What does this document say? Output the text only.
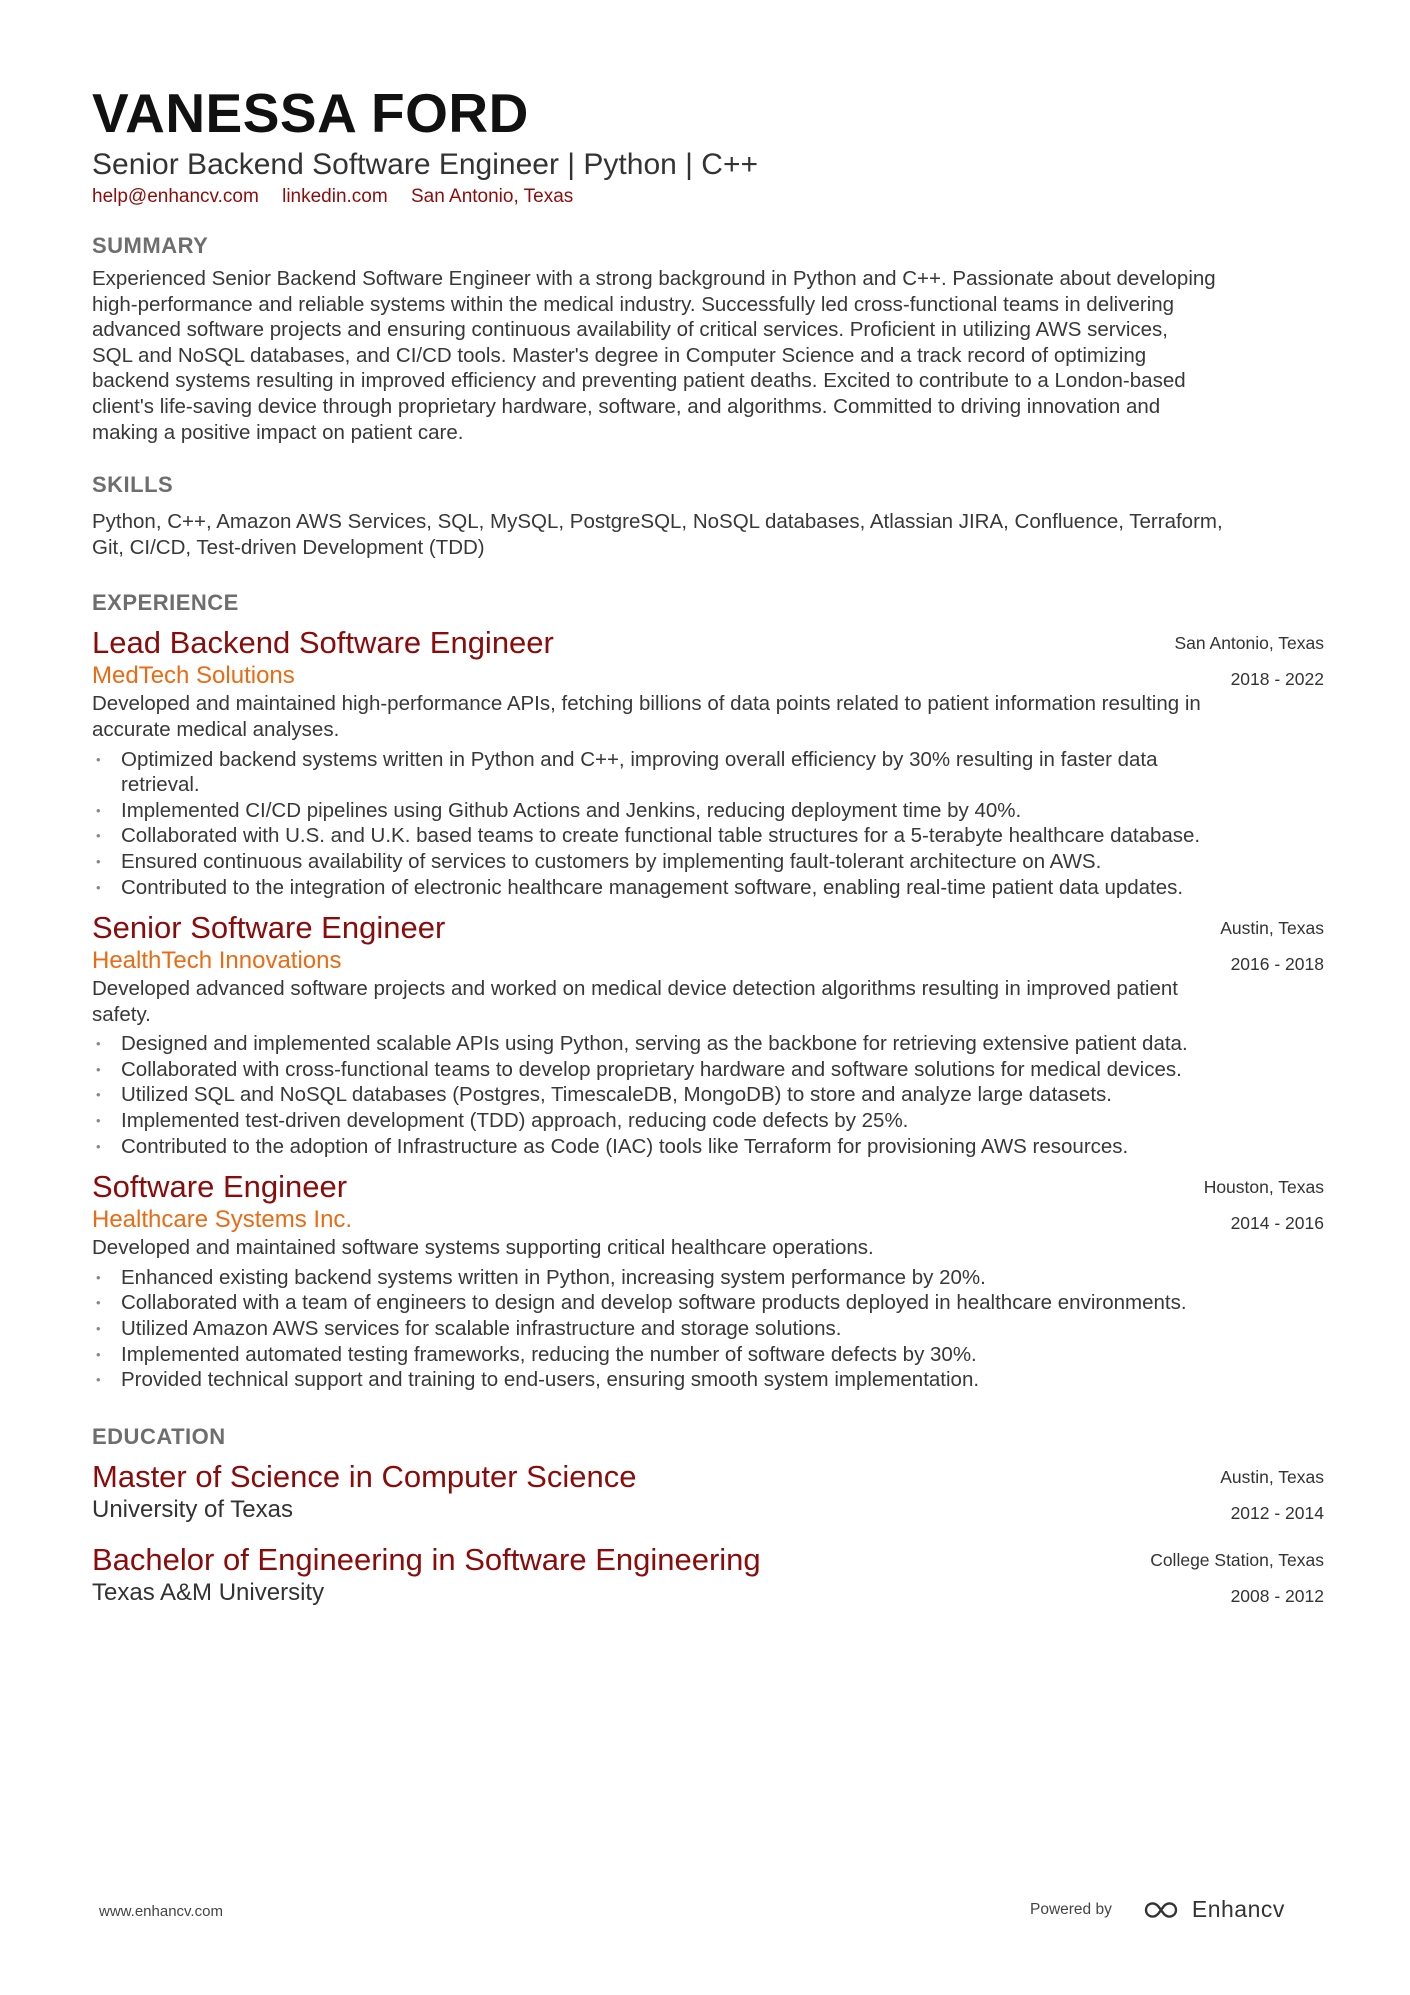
VANESSA FORD
Senior Backend Software Engineer | Python | C++
help@enhancv.com linkedin.com San Antonio, Texas
SUMMARY
Experienced Senior Backend Software Engineer with a strong background in Python and C++. Passionate about developing
high-performance and reliable systems within the medical industry. Successfully led cross-functional teams in delivering
advanced software projects and ensuring continuous availability of critical services. Proficient in utilizing AWS services,
SQL and NoSQL databases, and CI/CD tools. Master's degree in Computer Science and a track record of optimizing
backend systems resulting in improved efficiency and preventing patient deaths. Excited to contribute to a London-based
client's life-saving device through proprietary hardware, software, and algorithms. Committed to driving innovation and
making a positive impact on patient care.
SKILLS
Python, C++, Amazon AWS Services, SQL, MySQL, PostgreSQL, NoSQL databases, Atlassian JIRA, Confluence, Terraform,
Git, CI/CD, Test-driven Development (TDD)
EXPERIENCE
Lead Backend Software Engineer
MedTech Solutions
San Antonio, Texas
2018 - 2022
Developed and maintained high-performance APIs, fetching billions of data points related to patient information resulting in
accurate medical analyses.
• Optimized backend systems written in Python and C++, improving overall efficiency by 30% resulting in faster data
retrieval.
• Implemented CI/CD pipelines using Github Actions and Jenkins, reducing deployment time by 40%.
• Collaborated with U.S. and U.K. based teams to create functional table structures for a 5-terabyte healthcare database.
• Ensured continuous availability of services to customers by implementing fault-tolerant architecture on AWS.
• Contributed to the integration of electronic healthcare management software, enabling real-time patient data updates.
Senior Software Engineer
HealthTech Innovations
Austin, Texas
2016 - 2018
Developed advanced software projects and worked on medical device detection algorithms resulting in improved patient
safety.
• Designed and implemented scalable APIs using Python, serving as the backbone for retrieving extensive patient data.
• Collaborated with cross-functional teams to develop proprietary hardware and software solutions for medical devices.
• Utilized SQL and NoSQL databases (Postgres, TimescaleDB, MongoDB) to store and analyze large datasets.
• Implemented test-driven development (TDD) approach, reducing code defects by 25%.
• Contributed to the adoption of Infrastructure as Code (IAC) tools like Terraform for provisioning AWS resources.
Software Engineer
Healthcare Systems Inc.
Houston, Texas
2014 - 2016
Developed and maintained software systems supporting critical healthcare operations.
• Enhanced existing backend systems written in Python, increasing system performance by 20%.
• Collaborated with a team of engineers to design and develop software products deployed in healthcare environments.
• Utilized Amazon AWS services for scalable infrastructure and storage solutions.
• Implemented automated testing frameworks, reducing the number of software defects by 30%.
• Provided technical support and training to end-users, ensuring smooth system implementation.
EDUCATION
Master of Science in Computer Science
University of Texas
Austin, Texas
2012 - 2014
Bachelor of Engineering in Software Engineering
Texas A&M University
College Station, Texas
2008 - 2012
www.enhancv.com	Powered by	Enhancv
